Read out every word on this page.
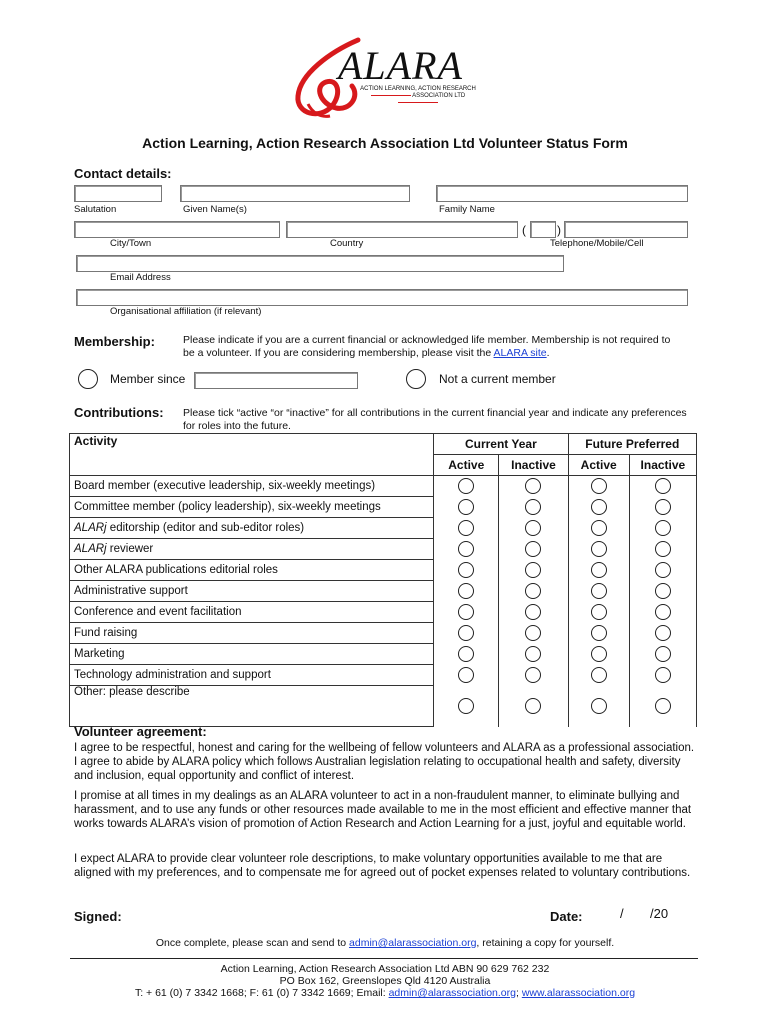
ALARA
ACTION LEARNING, ACTION RESEARCH
ASSOCIATION LTD
Action Learning, Action Research Association Ltd Volunteer Status Form
Contact details:
Salutation	Given Name(s)	Family Name
(	)
City/Town	Country	Telephone/Mobile/Cell
Email Address
Organisational affiliation (if relevant)
Membership:	Please indicate if you are a current financial or acknowledged life member. Membership is not required to be a volunteer. If you are considering membership, please visit the ALARA site.
Member since	Not a current member
Contributions: Please tick “active “or “inactive” for all contributions in the current financial year and indicate any preferences for roles into the future.
Activity	Current Year		Future Preferred	
	Active	Inactive	Active	Inactive
Board member (executive leadership, six-weekly meetings)	

Committee member (policy leadership), six-weekly meetings	

ALARj editorship (editor and sub-editor roles)	

ALARj reviewer	

Other ALARA publications editorial roles	

Administrative support	

Conference and event facilitation	

Fund raising	

Marketing	

Technology administration and support	

Other: please describe	

Volunteer agreement:
I agree to be respectful, honest and caring for the wellbeing of fellow volunteers and ALARA as a professional association. I agree to abide by ALARA policy which follows Australian legislation relating to occupational health and safety, diversity and inclusion, equal opportunity and conflict of interest.
I promise at all times in my dealings as an ALARA volunteer to act in a non-fraudulent manner, to eliminate bullying and harassment, and to use any funds or other resources made available to me in the most efficient and effective manner that works towards ALARA’s vision of promotion of Action Research and Action Learning for a just, joyful and equitable world.
I expect ALARA to provide clear volunteer role descriptions, to make voluntary opportunities available to me that are aligned with my preferences, and to compensate me for agreed out of pocket expenses related to voluntary contributions.
Signed:	Date:	/ /20
Once complete, please scan and send to admin@alarassociation.org, retaining a copy for yourself.
Action Learning, Action Research Association Ltd ABN 90 629 762 232
PO Box 162, Greenslopes Qld 4120 Australia
T: + 61 (0) 7 3342 1668; F: 61 (0) 7 3342 1669; Email: admin@alarassociation.org; www.alarassociation.org
